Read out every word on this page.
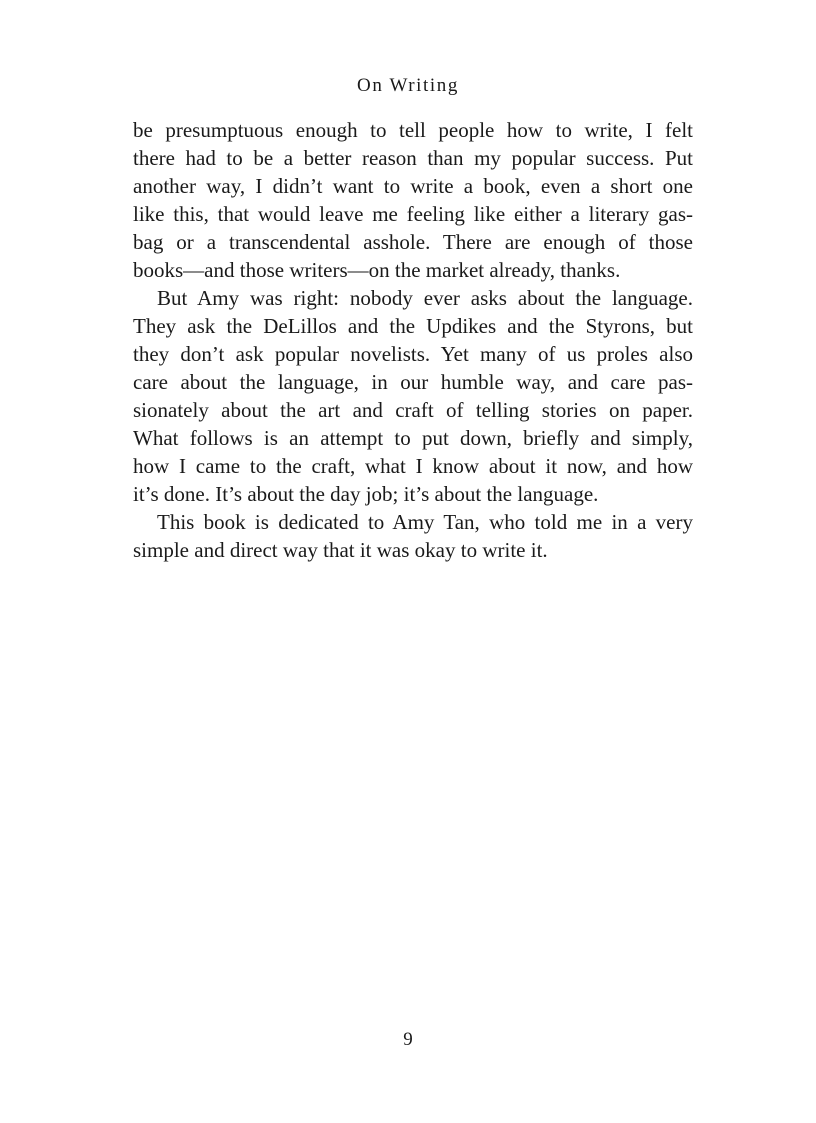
On Writing
be presumptuous enough to tell people how to write, I felt
there had to be a better reason than my popular success. Put
another way, I didn’t want to write a book, even a short one
like this, that would leave me feeling like either a literary gas-
bag or a transcendental asshole. There are enough of those
books—and those writers—on the market already, thanks.
But Amy was right: nobody ever asks about the language.
They ask the DeLillos and the Updikes and the Styrons, but
they don’t ask popular novelists. Yet many of us proles also
care about the language, in our humble way, and care pas-
sionately about the art and craft of telling stories on paper.
What follows is an attempt to put down, briefly and simply,
how I came to the craft, what I know about it now, and how
it’s done. It’s about the day job; it’s about the language.
This book is dedicated to Amy Tan, who told me in a very
simple and direct way that it was okay to write it.
9
